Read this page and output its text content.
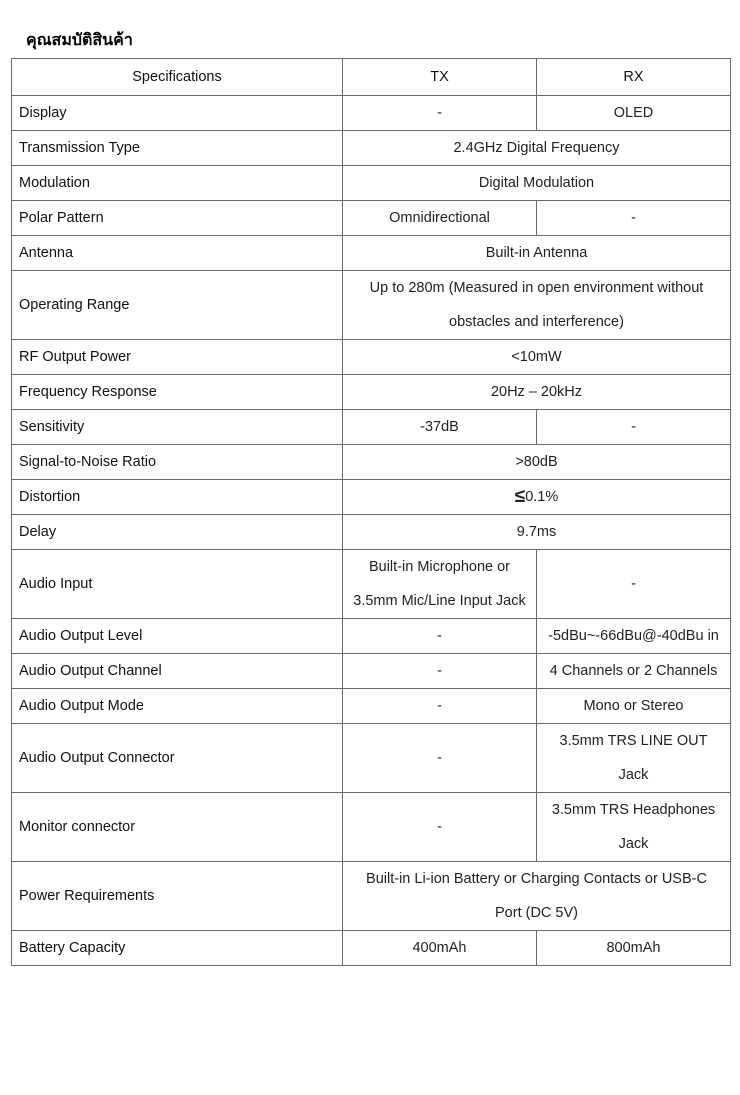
คุณสมบัติสินค้า
Specifications	TX	RX
Display	-	OLED
Transmission Type	2.4GHz Digital Frequency	
Modulation	Digital Modulation	
Polar Pattern	Omnidirectional	-
Antenna	Built-in Antenna	
Operating Range	Up to 280m (Measured in open environment without obstacles and interference)	
RF Output Power	<10mW	
Frequency Response	20Hz – 20kHz	
Sensitivity	-37dB	-
Signal-to-Noise Ratio	>80dB	
Distortion	≤0.1%	
Delay	9.7ms	
Audio Input	Built-in Microphone or 3.5mm Mic/Line Input Jack	-
Audio Output Level	-	-5dBu~-66dBu@-40dBu in
Audio Output Channel	-	4 Channels or 2 Channels
Audio Output Mode	-	Mono or Stereo
Audio Output Connector	-	3.5mm TRS LINE OUT Jack
Monitor connector	-	3.5mm TRS Headphones Jack
Power Requirements	Built-in Li-ion Battery or Charging Contacts or USB-C Port (DC 5V)	
Battery Capacity	400mAh	800mAh
